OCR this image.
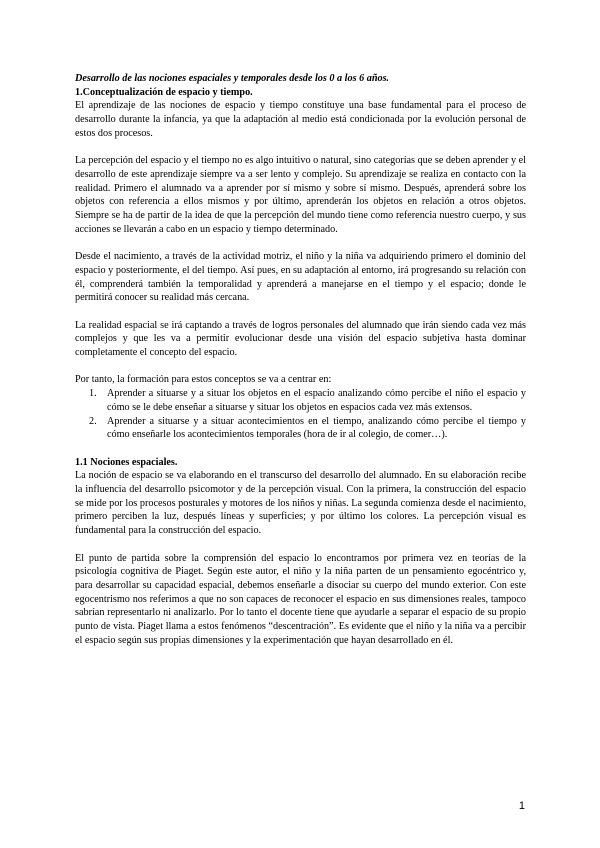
Desarrollo de las nociones espaciales y temporales desde los 0 a los 6 años.

1.Conceptualización de espacio y tiempo.

El aprendizaje de las nociones de espacio y tiempo constituye una base fundamental para el proceso de desarrollo durante la infancia, ya que la adaptación al medio está condicionada por la evolución personal de estos dos procesos.

La percepción del espacio y el tiempo no es algo intuitivo o natural, sino categorías que se deben aprender y el desarrollo de este aprendizaje siempre va a ser lento y complejo. Su aprendizaje se realiza en contacto con la realidad. Primero el alumnado va a aprender por sí mismo y sobre sí mismo. Después, aprenderá sobre los objetos con referencia a ellos mismos y por último, aprenderán los objetos en relación a otros objetos. Siempre se ha de partir de la idea de que la percepción del mundo tiene como referencia nuestro cuerpo, y sus acciones se llevarán a cabo en un espacio y tiempo determinado.

Desde el nacimiento, a través de la actividad motriz, el niño y la niña va adquiriendo primero el dominio del espacio y posteriormente, el del tiempo. Así pues, en su adaptación al entorno, irá progresando su relación con él, comprenderá también la temporalidad y aprenderá a manejarse en el tiempo y el espacio; donde le permitirá conocer su realidad más cercana.

La realidad espacial se irá captando a través de logros personales del alumnado que irán siendo cada vez más complejos y que les va a permitir evolucionar desde una visión del espacio subjetiva hasta dominar completamente el concepto del espacio.

Por tanto, la formación para estos conceptos se va a centrar en:

1. Aprender a situarse y a situar los objetos en el espacio analizando cómo percibe el niño el espacio y cómo se le debe enseñar a situarse y situar los objetos en espacios cada vez más extensos.
2. Aprender a situarse y a situar acontecimientos en el tiempo, analizando cómo percibe el tiempo y cómo enseñarle los acontecimientos temporales (hora de ir al colegio, de comer…).

1.1 Nociones espaciales.

La noción de espacio se va elaborando en el transcurso del desarrollo del alumnado. En su elaboración recibe la influencia del desarrollo psicomotor y de la percepción visual. Con la primera, la construcción del espacio se mide por los procesos posturales y motores de los niños y niñas. La segunda comienza desde el nacimiento, primero perciben la luz, después líneas y superficies; y por último los colores. La percepción visual es fundamental para la construcción del espacio.

El punto de partida sobre la comprensión del espacio lo encontramos por primera vez en teorías de la psicología cognitiva de Piaget. Según este autor, el niño y la niña parten de un pensamiento egocéntrico y, para desarrollar su capacidad espacial, debemos enseñarle a disociar su cuerpo del mundo exterior. Con este egocentrismo nos referimos a que no son capaces de reconocer el espacio en sus dimensiones reales, tampoco sabrían representarlo ni analizarlo. Por lo tanto el docente tiene que ayudarle a separar el espacio de su propio punto de vista. Piaget llama a estos fenómenos “descentración”. Es evidente que el niño y la niña va a percibir el espacio según sus propias dimensiones y la experimentación que hayan desarrollado en él.

1
